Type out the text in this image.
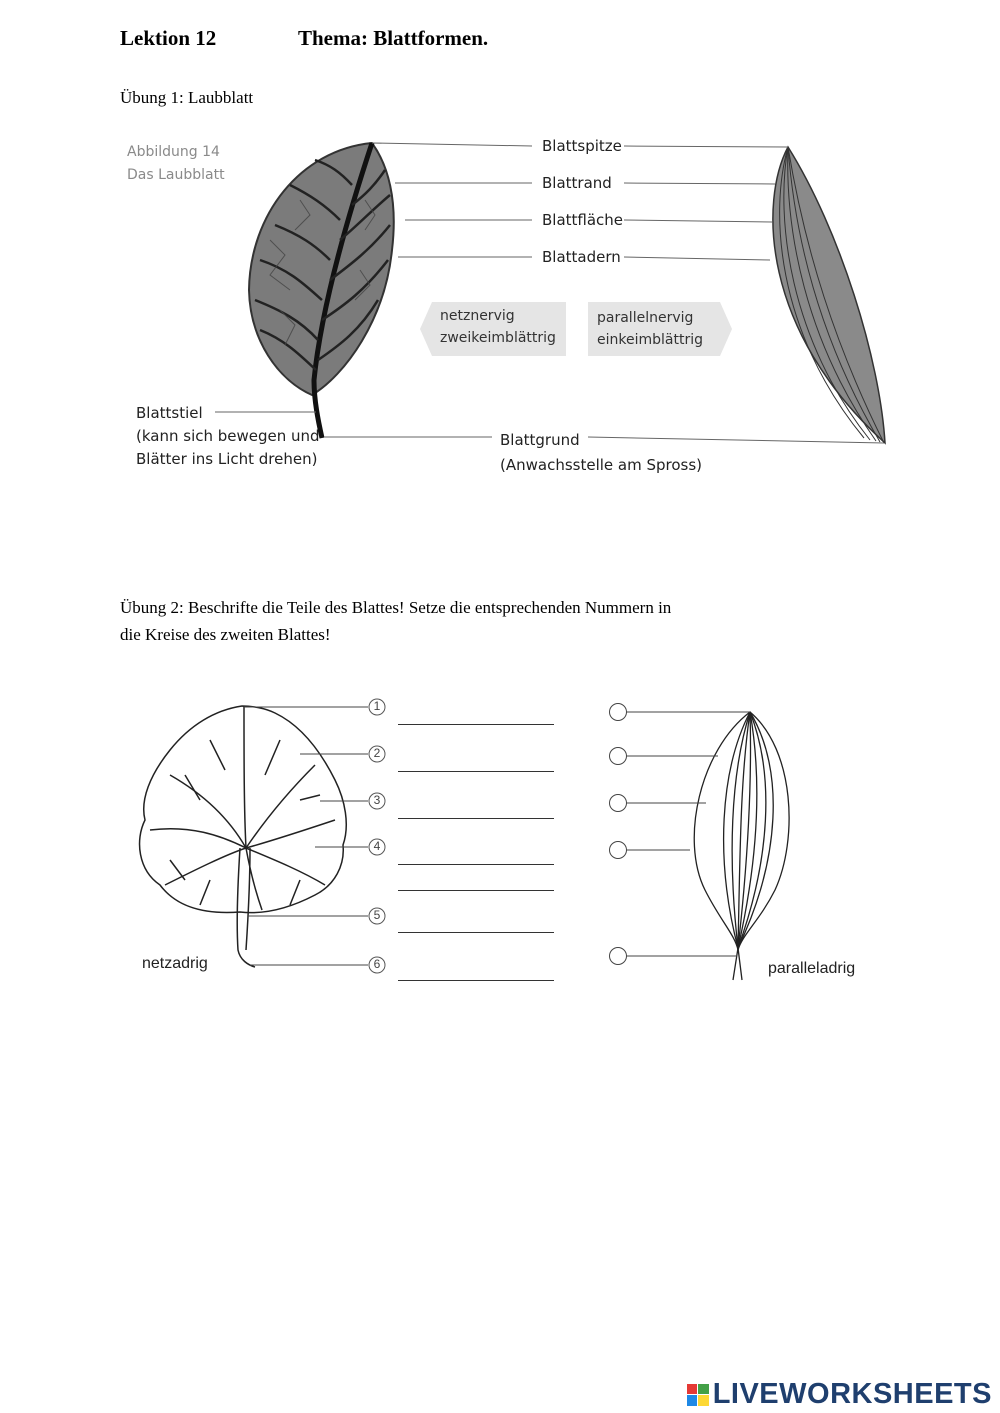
Lektion 12	Thema: Blattformen.
Übung 1: Laubblatt
Abbildung 14
Das Laubblatt
Blattspitze
Blattrand
Blattfläche
Blattadern
netznervig
zweikeimblättrig
parallelnervig
einkeimblättrig
Blattstiel
(kann sich bewegen und
Blätter ins Licht drehen)
Blattgrund
(Anwachsstelle am Spross)
Übung 2: Beschrifte die Teile des Blattes! Setze die entsprechenden Nummern in
die Kreise des zweiten Blattes!
1
2
3
4
5
6
netzadrig	paralleladrig
LIVEWORKSHEETS
